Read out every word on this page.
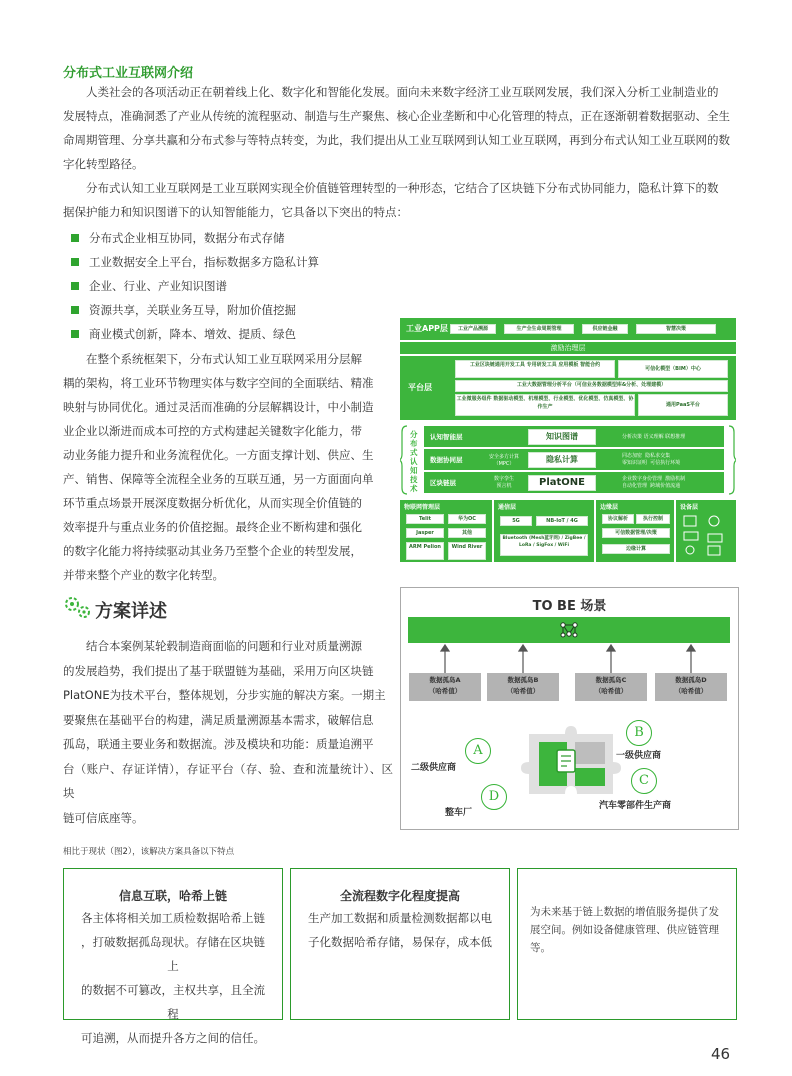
分布式工业互联网介绍
人类社会的各项活动正在朝着线上化、数字化和智能化发展。面向未来数字经济工业互联网发展，我们深入分析工业制造业的
发展特点，准确洞悉了产业从传统的流程驱动、制造与生产聚焦、核心企业垄断和中心化管理的特点，正在逐渐朝着数据驱动、全生
命周期管理、分享共赢和分布式参与等特点转变，为此，我们提出从工业互联网到认知工业互联网，再到分布式认知工业互联网的数
字化转型路径。
分布式认知工业互联网是工业互联网实现全价值链管理转型的一种形态，它结合了区块链下分布式协同能力，隐私计算下的数
据保护能力和知识图谱下的认知智能能力，它具备以下突出的特点：
分布式企业相互协同，数据分布式存储
工业数据安全上平台，指标数据多方隐私计算
企业、行业、产业知识图谱
资源共享，关联业务互导，附加价值挖掘
商业模式创新，降本、增效、提质、绿色
在整个系统框架下，分布式认知工业互联网采用分层解
耦的架构，将工业环节物理实体与数字空间的全面联结、精准
映射与协同优化。通过灵活而准确的分层解耦设计，中小制造
业企业以渐进而成本可控的方式构建起关键数字化能力，带
动业务能力提升和业务流程优化。一方面支撑计划、供应、生
产、销售、保障等全流程全业务的互联互通，另一方面面向单
环节重点场景开展深度数据分析优化，从而实现全价值链的
效率提升与重点业务的价值挖掘。最终企业不断构建和强化
的数字化能力将持续驱动其业务乃至整个企业的转型发展，
并带来整个产业的数字化转型。
工业APP层	工业产品溯源	生产全生命周期管理	供应链金融	智慧决策
激励治理层
平台层
工业区块链通用开发工具 专用研发工具 应用模板 智能合约
可信化模型（BIM）中心
工业大数据管理分析平台（可信业务数据模型库&分析、处理建模）
工业微服务组件 数据驱动模型、机理模型、行业模型、优化模型、仿真模型、协作生产	通用PaaS平台
分布式认知技术
认知智能层	知识图谱	分析决策 语义理解 联想推理
数据协同层	安全多方计算（MPC）	隐私计算	同态加密  隐私求交集
零知识证明  可信执行环境
区块链层	数字孪生
预言机	PlatONE	企业数字身份管理  激励机制
自动化管理  跨域价值流通
物联网管理层
Telit	华为OC
Jasper	其他
ARM Pelion	Wind River
通信层
5G	NB-IoT / 4G
Bluetooth (Mesh蓝牙网) / ZigBee / LoRa / SigFox / WiFi
边缘层
协议解析	执行控制
可信数据管理/决策
边缘计算
设备层
方案详述
结合本案例某轮毂制造商面临的问题和行业对质量溯源
的发展趋势，我们提出了基于联盟链为基础，采用万向区块链
PlatONE为技术平台，整体规划，分步实施的解决方案。一期主
要聚焦在基础平台的构建，满足质量溯源基本需求，破解信息
孤岛，联通主要业务和数据流。涉及模块和功能：质量追溯平
台（账户、存证详情），存证平台（存、验、查和流量统计）、区块
链可信底座等。
TO BE 场景
数据孤岛A
（哈希值）
数据孤岛B
（哈希值）
数据孤岛C
（哈希值）
数据孤岛D
（哈希值）
A
二级供应商
B
一级供应商
C
汽车零部件生产商
D
整车厂
相比于现状（图2），该解决方案具备以下特点
信息互联，哈希上链
各主体将相关加工质检数据哈希上链
，打破数据孤岛现状。存储在区块链上
的数据不可篡改，主权共享，且全流程
可追溯，从而提升各方之间的信任。
全流程数字化程度提高
生产加工数据和质量检测数据都以电
子化数据哈希存储，易保存，成本低
为未来基于链上数据的增值服务提供了发
展空间。例如设备健康管理、供应链管理等。
46
